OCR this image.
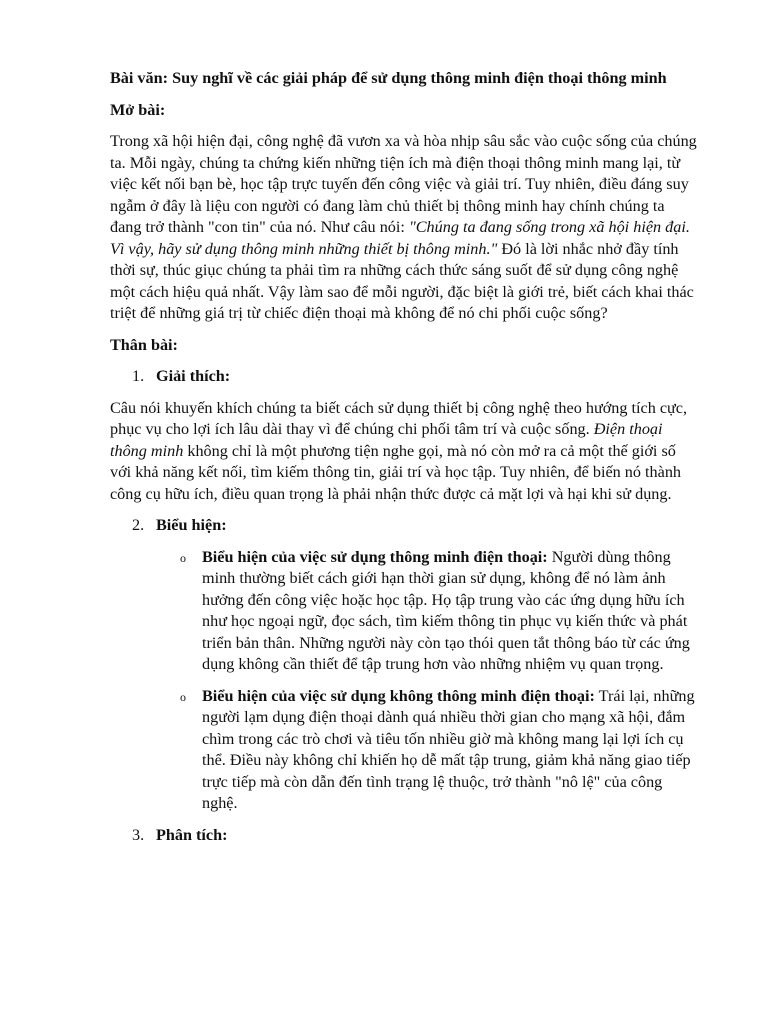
Bài văn: Suy nghĩ về các giải pháp để sử dụng thông minh điện thoại thông minh
Mở bài:

Trong xã hội hiện đại, công nghệ đã vươn xa và hòa nhịp sâu sắc vào cuộc sống của chúng ta. Mỗi ngày, chúng ta chứng kiến những tiện ích mà điện thoại thông minh mang lại, từ việc kết nối bạn bè, học tập trực tuyến đến công việc và giải trí. Tuy nhiên, điều đáng suy ngẫm ở đây là liệu con người có đang làm chủ thiết bị thông minh hay chính chúng ta đang trở thành "con tin" của nó. Như câu nói: "Chúng ta đang sống trong xã hội hiện đại. Vì vậy, hãy sử dụng thông minh những thiết bị thông minh." Đó là lời nhắc nhở đầy tính thời sự, thúc giục chúng ta phải tìm ra những cách thức sáng suốt để sử dụng công nghệ một cách hiệu quả nhất. Vậy làm sao để mỗi người, đặc biệt là giới trẻ, biết cách khai thác triệt để những giá trị từ chiếc điện thoại mà không để nó chi phối cuộc sống?

Thân bài:
1. Giải thích:

Câu nói khuyến khích chúng ta biết cách sử dụng thiết bị công nghệ theo hướng tích cực, phục vụ cho lợi ích lâu dài thay vì để chúng chi phối tâm trí và cuộc sống. Điện thoại thông minh không chỉ là một phương tiện nghe gọi, mà nó còn mở ra cả một thế giới số với khả năng kết nối, tìm kiếm thông tin, giải trí và học tập. Tuy nhiên, để biến nó thành công cụ hữu ích, điều quan trọng là phải nhận thức được cả mặt lợi và hại khi sử dụng.

2. Biểu hiện:
o Biểu hiện của việc sử dụng thông minh điện thoại: Người dùng thông minh thường biết cách giới hạn thời gian sử dụng, không để nó làm ảnh hưởng đến công việc hoặc học tập. Họ tập trung vào các ứng dụng hữu ích như học ngoại ngữ, đọc sách, tìm kiếm thông tin phục vụ kiến thức và phát triển bản thân. Những người này còn tạo thói quen tắt thông báo từ các ứng dụng không cần thiết để tập trung hơn vào những nhiệm vụ quan trọng.
o Biểu hiện của việc sử dụng không thông minh điện thoại: Trái lại, những người lạm dụng điện thoại dành quá nhiều thời gian cho mạng xã hội, đắm chìm trong các trò chơi và tiêu tốn nhiều giờ mà không mang lại lợi ích cụ thể. Điều này không chỉ khiến họ dễ mất tập trung, giảm khả năng giao tiếp trực tiếp mà còn dẫn đến tình trạng lệ thuộc, trở thành "nô lệ" của công nghệ.
3. Phân tích:
